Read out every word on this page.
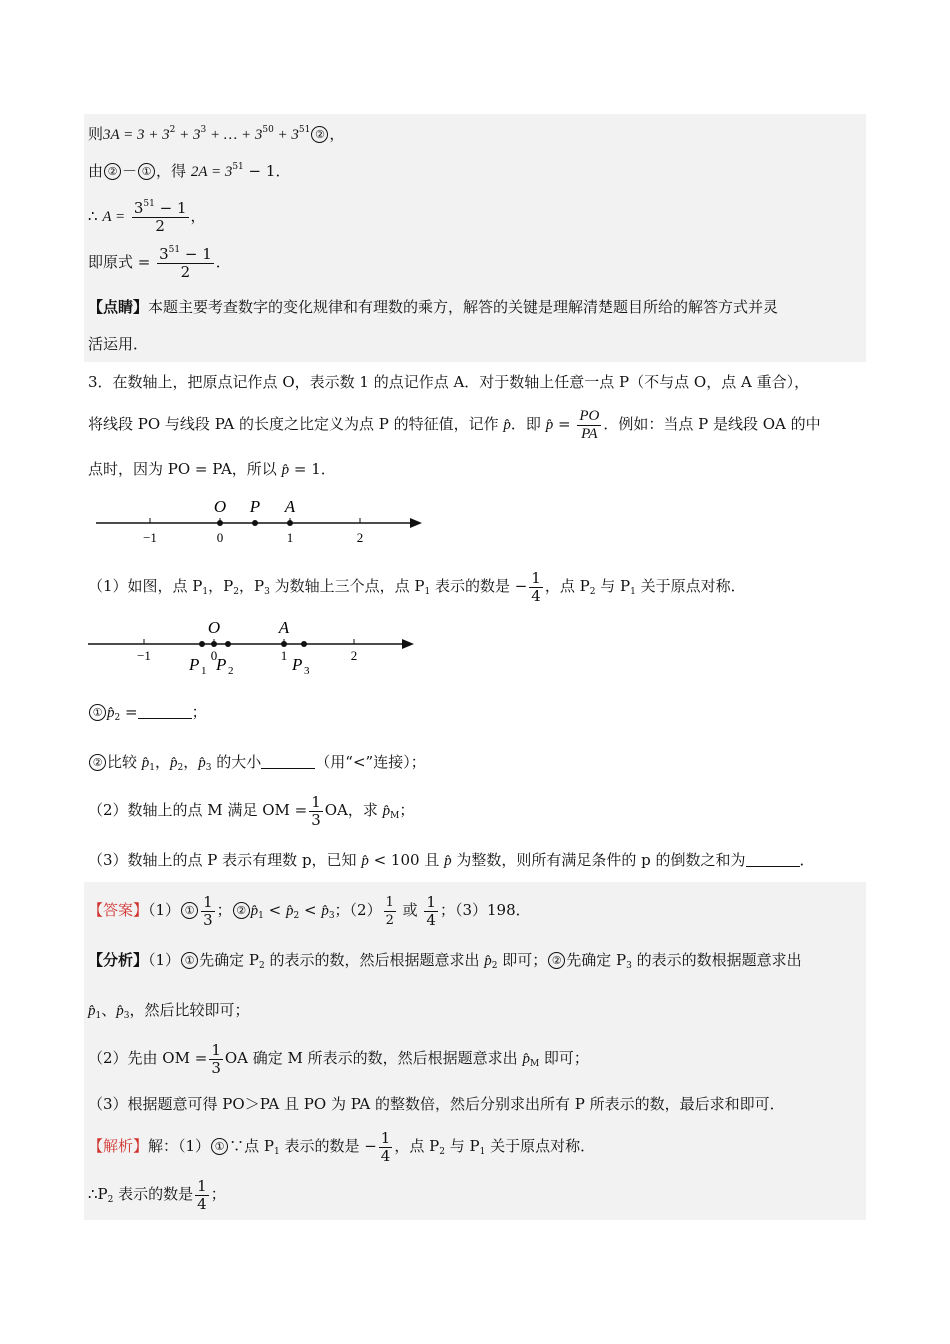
则$3A = 3 + 3^2 + 3^3$ + … + $3^{50} + 3^{51}$ ② ，
由 ② － ① ，得 $2A = 3^{51} - 1$．
∴ $A = \frac{3^{51} - 1}{2}$ ，
即原式 = $\frac{3^{51} - 1}{2}$ ．
【点睛】本题主要考查数字的变化规律和有理数的乘方，解答的关键是理解清楚题目所给的解答方式并灵
活运用．
3．在数轴上，把原点记作点 O，表示数 1 的点记作点 A．对于数轴上任意一点 P（不与点 O，点 A 重合），
将线段 PO 与线段 PA 的长度之比定义为点 P 的特征值，记作 p̂．即 p̂ = $\frac{PO}{PA}$ ．例如：当点 P 是线段 OA 的中
点时，因为 PO = PA，所以 p̂ = 1．
O P A
−1	0	1	2
（1）如图，点 $P_1$，$P_2$，$P_3$ 为数轴上三个点，点 $P_1$ 表示的数是 − $\frac{1}{4}$ ，点 $P_2$ 与 $P_1$ 关于原点对称．
O	A
−1	0	1	2
P 1 P 2	P 3
① $p̂_2$ =	；
② 比较 $p̂_1$，$p̂_2$，$p̂_3$ 的大小	（用“<”连接）；
（2）数轴上的点 M 满足 OM = $\frac{1}{3}$ OA，求 $p̂_M$；
（3）数轴上的点 P 表示有理数 p，已知 p̂ < 100 且 p̂ 为整数，则所有满足条件的 p 的倒数之和为	．
【答案】（1） ① $\frac{1}{3}$ ； ② $p̂_1$ < $p̂_2$ < $p̂_3$；$(2) \frac{1}{2}$ 或 $\frac{1}{4}$ ；（3）198．
【分析】（1） ① 先确定 $P_2$ 的表示的数，然后根据题意求出 $p̂_2$ 即可； ② 先确定 $P_3$ 的表示的数根据题意求出
$p̂_1$、$p̂_3$，然后比较即可；
（2）先由 OM = $\frac{1}{3}$ OA 确定 M 所表示的数，然后根据题意求出 $p̂_M$ 即可；
（3）根据题意可得 PO＞PA 且 PO 为 PA 的整数倍，然后分别求出所有 P 所表示的数，最后求和即可．
【解析】解：（1） ① ∵点 $P_1$ 表示的数是 − $\frac{1}{4}$ ，点 $P_2$ 与 $P_1$ 关于原点对称．
$\therefore P_2$ 表示的数是 $\frac{1}{4}$ ；
